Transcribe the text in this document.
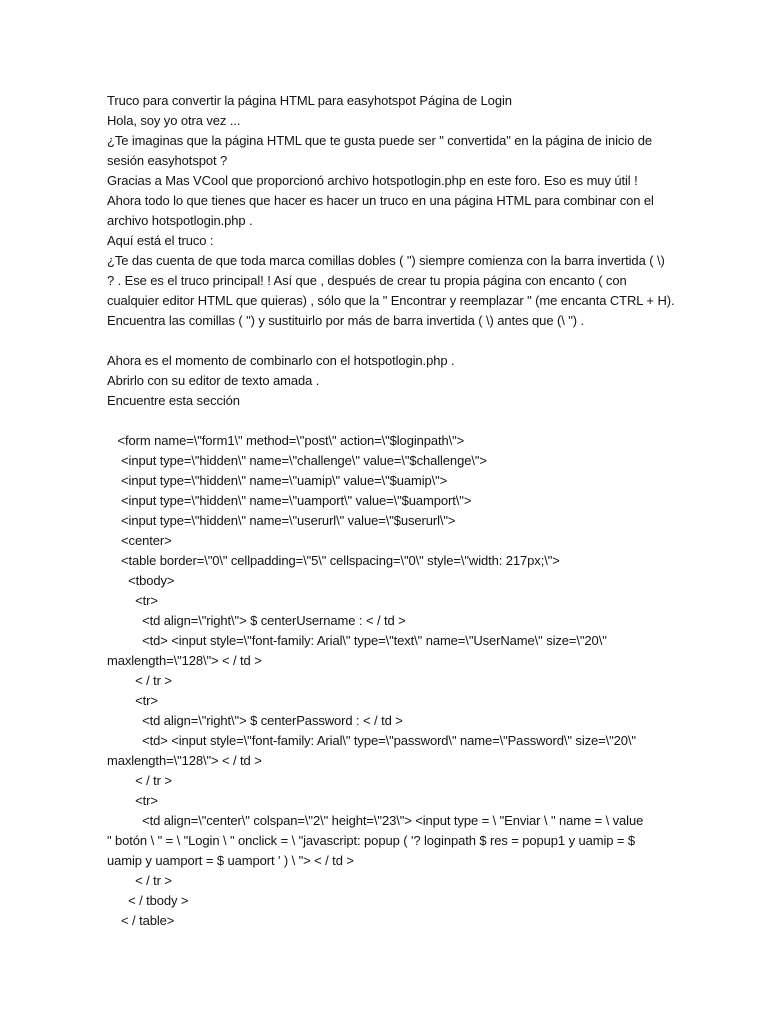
Truco para convertir la página HTML para easyhotspot Página de Login
Hola, soy yo otra vez ...
¿Te imaginas que la página HTML que te gusta puede ser " convertida" en la página de inicio de
sesión easyhotspot ?
Gracias a Mas VCool que proporcionó archivo hotspotlogin.php en este foro. Eso es muy útil !
Ahora todo lo que tienes que hacer es hacer un truco en una página HTML para combinar con el
archivo hotspotlogin.php .
Aquí está el truco :
¿Te das cuenta de que toda marca comillas dobles ( ") siempre comienza con la barra invertida ( \)
? . Ese es el truco principal! ! Así que , después de crear tu propia página con encanto ( con
cualquier editor HTML que quieras) , sólo que la " Encontrar y reemplazar " (me encanta CTRL + H).
Encuentra las comillas ( ") y sustituirlo por más de barra invertida ( \) antes que (\ ") .
Ahora es el momento de combinarlo con el hotspotlogin.php .
Abrirlo con su editor de texto amada .
Encuentre esta sección
<form name=\"form1\" method=\"post\" action=\"$loginpath\">
<input type=\"hidden\" name=\"challenge\" value=\"$challenge\">
<input type=\"hidden\" name=\"uamip\" value=\"$uamip\">
<input type=\"hidden\" name=\"uamport\" value=\"$uamport\">
<input type=\"hidden\" name=\"userurl\" value=\"$userurl\">
<center>
<table border=\"0\" cellpadding=\"5\" cellspacing=\"0\" style=\"width: 217px;\">
<tbody>
<tr>
<td align=\"right\"> $ centerUsername : < / td >
<td> <input style=\"font-family: Arial\" type=\"text\" name=\"UserName\" size=\"20\"
maxlength=\"128\"> < / td >
< / tr >
<tr>
<td align=\"right\"> $ centerPassword : < / td >
<td> <input style=\"font-family: Arial\" type=\"password\" name=\"Password\" size=\"20\"
maxlength=\"128\"> < / td >
< / tr >
<tr>
<td align=\"center\" colspan=\"2\" height=\"23\"> <input type = \ "Enviar \ " name = \ value
" botón \ " = \ "Login \ " onclick = \ "javascript: popup ( '? loginpath $ res = popup1 y uamip = $
uamip y uamport = $ uamport ' ) \ "> < / td >
< / tr >
< / tbody >
< / table>
